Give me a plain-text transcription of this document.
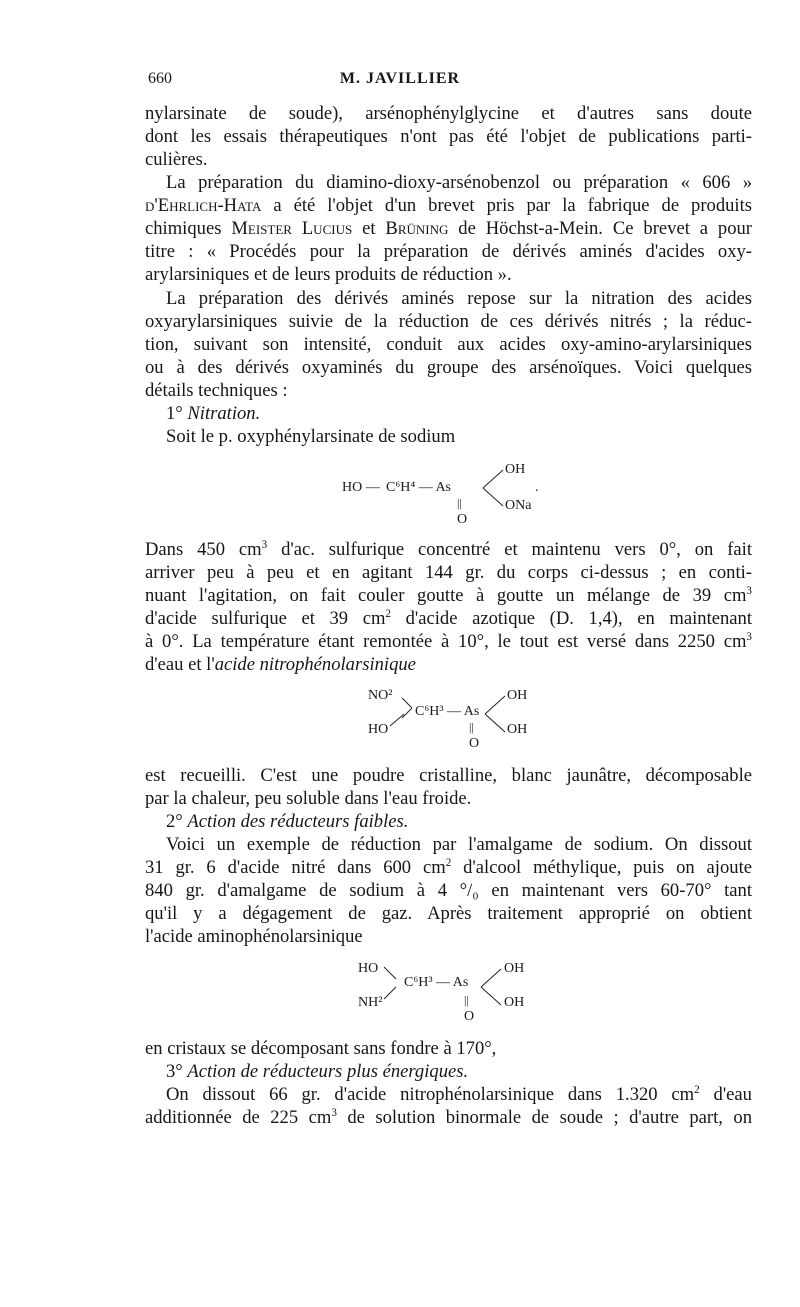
660	M. JAVILLIER
nylarsinate de soude), arsénophénylglycine et d'autres sans doute
dont les essais thérapeutiques n'ont pas été l'objet de publications parti-
culières.
La préparation du diamino-dioxy-arsénobenzol ou préparation « 606 »
d'Ehrlich-Hata a été l'objet d'un brevet pris par la fabrique de produits
chimiques Meister Lucius et Brüning de Höchst-a-Mein. Ce brevet a pour
titre : « Procédés pour la préparation de dérivés aminés d'acides oxy-
arylarsiniques et de leurs produits de réduction ».
La préparation des dérivés aminés repose sur la nitration des acides
oxyarylarsiniques suivie de la réduction de ces dérivés nitrés ; la réduc-
tion, suivant son intensité, conduit aux acides oxy-amino-arylarsiniques
ou à des dérivés oxyaminés du groupe des arsénoïques. Voici quelques
détails techniques :
1° Nitration.
Soit le p. oxyphénylarsinate de sodium
HO — C⁶H⁴ — As
OH
ONa
.
||
O
Dans 450 $cm^3$ d'ac. sulfurique concentré et maintenu vers 0°, on fait
arriver peu à peu et en agitant 144 gr. du corps ci-dessus ; en conti-
nuant l'agitation, on fait couler goutte à goutte un mélange de 39 $cm^3$
d'acide sulfurique et 39 $cm^2$ d'acide azotique (D. 1,4), en maintenant
à 0°. La température étant remontée à 10°, le tout est versé dans 2250 $cm^3$
d'eau et l'acide nitrophénolarsinique
NO²
HO
C⁶H³ — As
OH
OH
||
O
est recueilli. C'est une poudre cristalline, blanc jaunâtre, décomposable
par la chaleur, peu soluble dans l'eau froide.
2° Action des réducteurs faibles.
Voici un exemple de réduction par l'amalgame de sodium. On dissout
31 gr. 6 d'acide nitré dans 600 $cm^2$ d'alcool méthylique, puis on ajoute
840 gr. d'amalgame de sodium à 4 °/₀ en maintenant vers 60-70° tant
qu'il y a dégagement de gaz. Après traitement approprié on obtient
l'acide aminophénolarsinique
HO
NH²
C⁶H³ — As
OH
OH
||
O
en cristaux se décomposant sans fondre à 170°,
3° Action de réducteurs plus énergiques.
On dissout 66 gr. d'acide nitrophénolarsinique dans 1.320 $cm^2$ d'eau
additionnée de 225 $cm^3$ de solution binormale de soude ; d'autre part, on
